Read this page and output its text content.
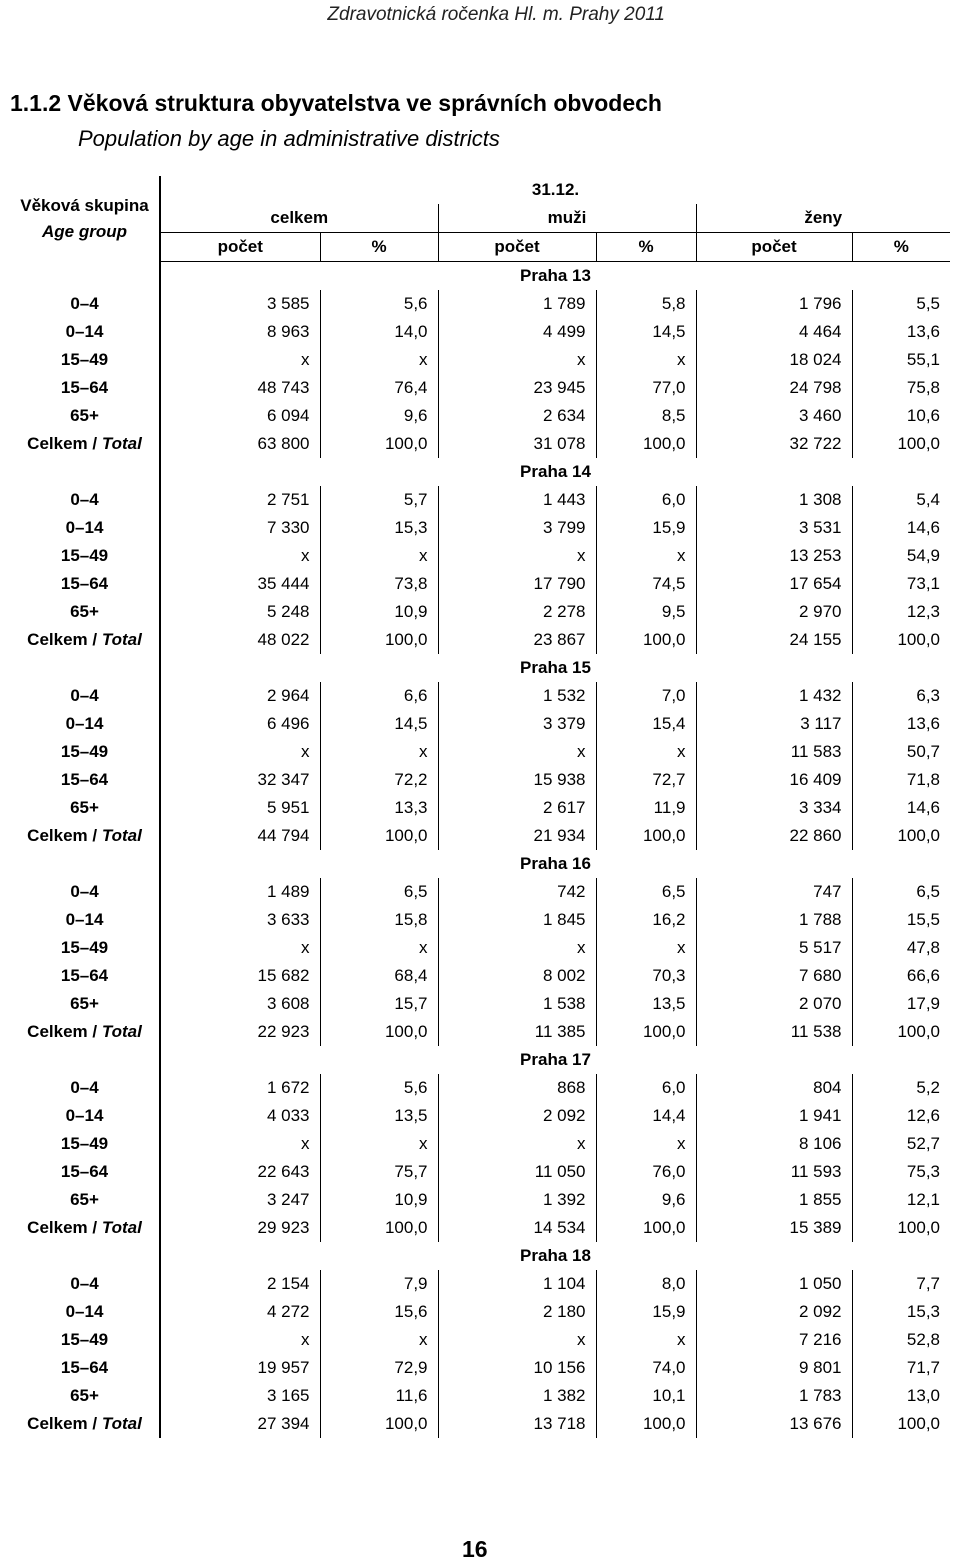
Zdravotnická ročenka Hl. m. Prahy 2011
1.1.2 Věková struktura obyvatelstva ve správních obvodech
Population by age in administrative districts
Věková skupina
Age group	31.12.					
	celkem		muži		ženy	
	počet	%	počet	%	počet	%
	Praha 13					
0–4	3 585	5,6	1 789	5,8	1 796	5,5
0–14	8 963	14,0	4 499	14,5	4 464	13,6
15–49	x	x	x	x	18 024	55,1
15–64	48 743	76,4	23 945	77,0	24 798	75,8
65+	6 094	9,6	2 634	8,5	3 460	10,6
Celkem / Total	63 800	100,0	31 078	100,0	32 722	100,0
	Praha 14					
0–4	2 751	5,7	1 443	6,0	1 308	5,4
0–14	7 330	15,3	3 799	15,9	3 531	14,6
15–49	x	x	x	x	13 253	54,9
15–64	35 444	73,8	17 790	74,5	17 654	73,1
65+	5 248	10,9	2 278	9,5	2 970	12,3
Celkem / Total	48 022	100,0	23 867	100,0	24 155	100,0
	Praha 15					
0–4	2 964	6,6	1 532	7,0	1 432	6,3
0–14	6 496	14,5	3 379	15,4	3 117	13,6
15–49	x	x	x	x	11 583	50,7
15–64	32 347	72,2	15 938	72,7	16 409	71,8
65+	5 951	13,3	2 617	11,9	3 334	14,6
Celkem / Total	44 794	100,0	21 934	100,0	22 860	100,0
	Praha 16					
0–4	1 489	6,5	742	6,5	747	6,5
0–14	3 633	15,8	1 845	16,2	1 788	15,5
15–49	x	x	x	x	5 517	47,8
15–64	15 682	68,4	8 002	70,3	7 680	66,6
65+	3 608	15,7	1 538	13,5	2 070	17,9
Celkem / Total	22 923	100,0	11 385	100,0	11 538	100,0
	Praha 17					
0–4	1 672	5,6	868	6,0	804	5,2
0–14	4 033	13,5	2 092	14,4	1 941	12,6
15–49	x	x	x	x	8 106	52,7
15–64	22 643	75,7	11 050	76,0	11 593	75,3
65+	3 247	10,9	1 392	9,6	1 855	12,1
Celkem / Total	29 923	100,0	14 534	100,0	15 389	100,0
	Praha 18					
0–4	2 154	7,9	1 104	8,0	1 050	7,7
0–14	4 272	15,6	2 180	15,9	2 092	15,3
15–49	x	x	x	x	7 216	52,8
15–64	19 957	72,9	10 156	74,0	9 801	71,7
65+	3 165	11,6	1 382	10,1	1 783	13,0
Celkem / Total	27 394	100,0	13 718	100,0	13 676	100,0
16
